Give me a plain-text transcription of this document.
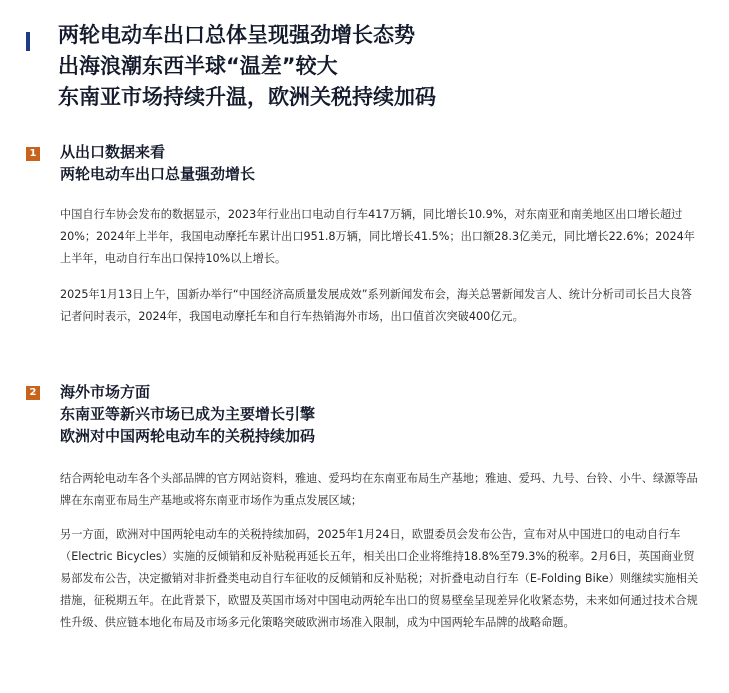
两轮电动车出口总体呈现强劲增长态势
出海浪潮东西半球“温差”较大
东南亚市场持续升温，欧洲关税持续加码
1 从出口数据来看
两轮电动车出口总量强劲增长

中国自行车协会发布的数据显示，2023年行业出口电动自行车417万辆，同比增长10.9%，对东南亚和南美地区出口增长超过20%；2024年上半年，我国电动摩托车累计出口951.8万辆，同比增长41.5%；出口额28.3亿美元，同比增长22.6%；2024年上半年，电动自行车出口保持10%以上增长。

2025年1月13日上午，国新办举行“中国经济高质量发展成效”系列新闻发布会，海关总署新闻发言人、统计分析司司长吕大良答记者问时表示，2024年，我国电动摩托车和自行车热销海外市场，出口值首次突破400亿元。

2 海外市场方面
东南亚等新兴市场已成为主要增长引擎
欧洲对中国两轮电动车的关税持续加码

结合两轮电动车各个头部品牌的官方网站资料，雅迪、爱玛均在东南亚布局生产基地；雅迪、爱玛、九号、台铃、小牛、绿源等品牌在东南亚布局生产基地或将东南亚市场作为重点发展区域；

另一方面，欧洲对中国两轮电动车的关税持续加码，2025年1月24日，欧盟委员会发布公告，宣布对从中国进口的电动自行车（Electric Bicycles）实施的反倾销和反补贴税再延长五年，相关出口企业将维持18.8%至79.3%的税率。2月6日，英国商业贸易部发布公告，决定撤销对非折叠类电动自行车征收的反倾销和反补贴税；对折叠电动自行车（E-Folding Bike）则继续实施相关措施，征税期五年。在此背景下，欧盟及英国市场对中国电动两轮车出口的贸易壁垒呈现差异化收紧态势，未来如何通过技术合规性升级、供应链本地化布局及市场多元化策略突破欧洲市场准入限制，成为中国两轮车品牌的战略命题。
